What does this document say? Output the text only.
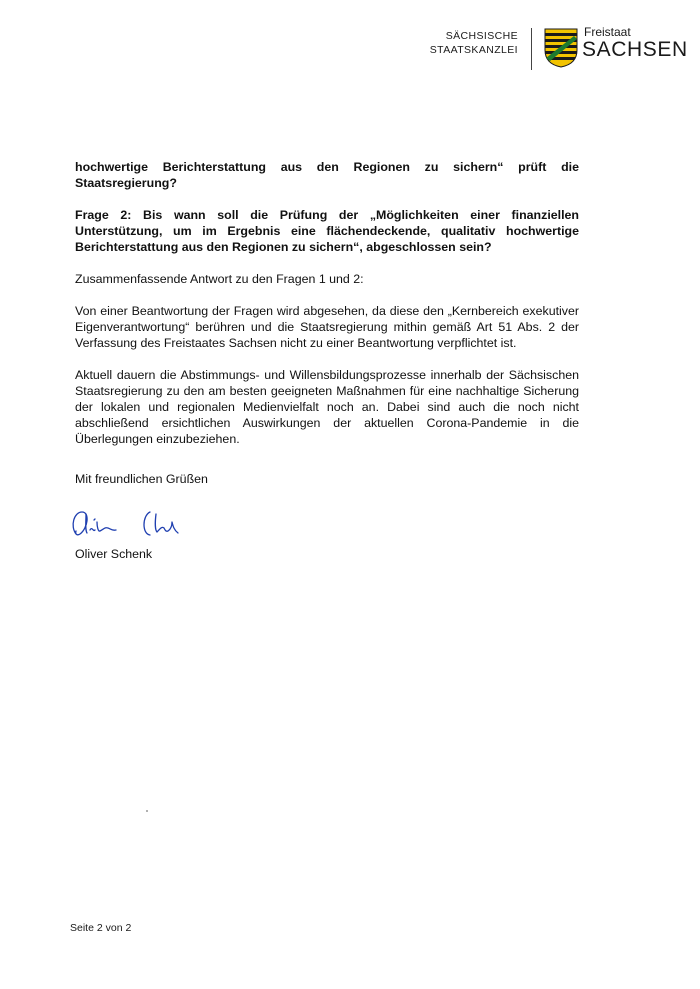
SÄCHSISCHE
STAATSKANZLEI
Freistaat
SACHSEN

hochwertige Berichterstattung aus den Regionen zu sichern“ prüft die Staatsregierung?

Frage 2: Bis wann soll die Prüfung der „Möglichkeiten einer finanziellen Unterstützung, um im Ergebnis eine flächendeckende, qualitativ hochwertige Berichterstattung aus den Regionen zu sichern“, abgeschlossen sein?

Zusammenfassende Antwort zu den Fragen 1 und 2:

Von einer Beantwortung der Fragen wird abgesehen, da diese den „Kernbereich exekutiver Eigenverantwortung“ berühren und die Staatsregierung mithin gemäß Art 51 Abs. 2 der Verfassung des Freistaates Sachsen nicht zu einer Beantwortung verpflichtet ist.

Aktuell dauern die Abstimmungs- und Willensbildungsprozesse innerhalb der Sächsischen Staatsregierung zu den am besten geeigneten Maßnahmen für eine nachhaltige Sicherung der lokalen und regionalen Medienvielfalt noch an. Dabei sind auch die noch nicht abschließend ersichtlichen Auswirkungen der aktuellen Corona-Pandemie in die Überlegungen einzubeziehen.

Mit freundlichen Grüßen
Oliver Schenk
Seite 2 von 2
